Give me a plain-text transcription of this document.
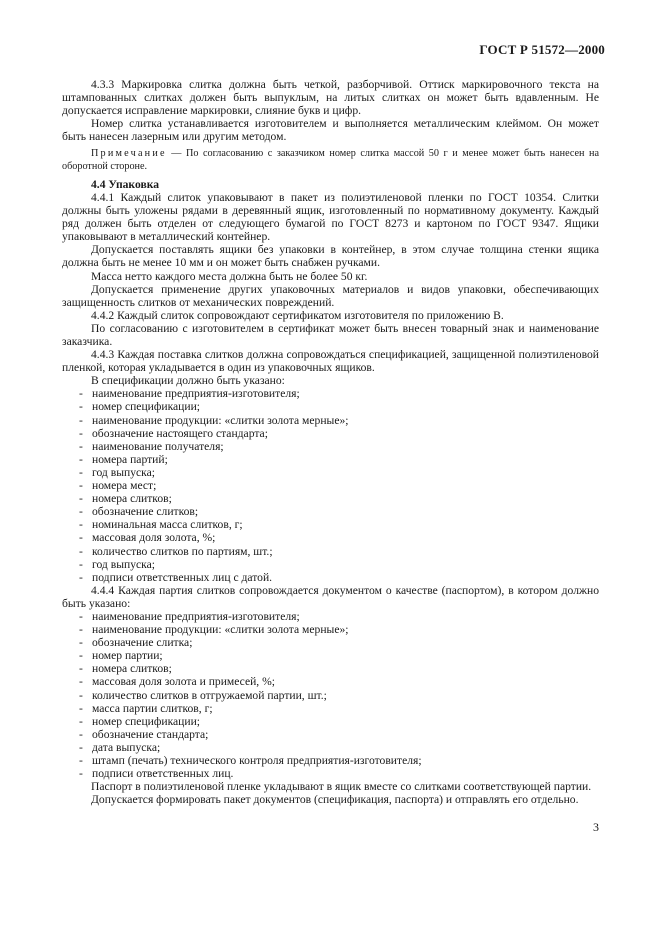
ГОСТ Р 51572—2000

4.3.3 Маркировка слитка должна быть четкой, разборчивой. Оттиск маркировочного текста на штампованных слитках должен быть выпуклым, на литых слитках он может быть вдавленным. Не допускается исправление маркировки, слияние букв и цифр.

Номер слитка устанавливается изготовителем и выполняется металлическим клеймом. Он может быть нанесен лазерным или другим методом.

Примечание — По согласованию с заказчиком номер слитка массой 50 г и менее может быть нанесен на оборотной стороне.

4.4 Упаковка

4.4.1 Каждый слиток упаковывают в пакет из полиэтиленовой пленки по ГОСТ 10354. Слитки должны быть уложены рядами в деревянный ящик, изготовленный по нормативному документу. Каждый ряд должен быть отделен от следующего бумагой по ГОСТ 8273 и картоном по ГОСТ 9347. Ящики упаковывают в металлический контейнер.

Допускается поставлять ящики без упаковки в контейнер, в этом случае толщина стенки ящика должна быть не менее 10 мм и он может быть снабжен ручками.

Масса нетто каждого места должна быть не более 50 кг.

Допускается применение других упаковочных материалов и видов упаковки, обеспечивающих защищенность слитков от механических повреждений.

4.4.2 Каждый слиток сопровождают сертификатом изготовителя по приложению В.

По согласованию с изготовителем в сертификат может быть внесен товарный знак и наименование заказчика.

4.4.3 Каждая поставка слитков должна сопровождаться спецификацией, защищенной полиэтиленовой пленкой, которая укладывается в один из упаковочных ящиков.

В спецификации должно быть указано:

- наименование предприятия-изготовителя;
- номер спецификации;
- наименование продукции: «слитки золота мерные»;
- обозначение настоящего стандарта;
- наименование получателя;
- номера партий;
- год выпуска;
- номера мест;
- номера слитков;
- обозначение слитков;
- номинальная масса слитков, г;
- массовая доля золота, %;
- количество слитков по партиям, шт.;
- год выпуска;
- подписи ответственных лиц с датой.

4.4.4 Каждая партия слитков сопровождается документом о качестве (паспортом), в котором должно быть указано:

- наименование предприятия-изготовителя;
- наименование продукции: «слитки золота мерные»;
- обозначение слитка;
- номер партии;
- номера слитков;
- массовая доля золота и примесей, %;
- количество слитков в отгружаемой партии, шт.;
- масса партии слитков, г;
- номер спецификации;
- обозначение стандарта;
- дата выпуска;
- штамп (печать) технического контроля предприятия-изготовителя;
- подписи ответственных лиц.

Паспорт в полиэтиленовой пленке укладывают в ящик вместе со слитками соответствующей партии.

Допускается формировать пакет документов (спецификация, паспорта) и отправлять его отдельно.

3
